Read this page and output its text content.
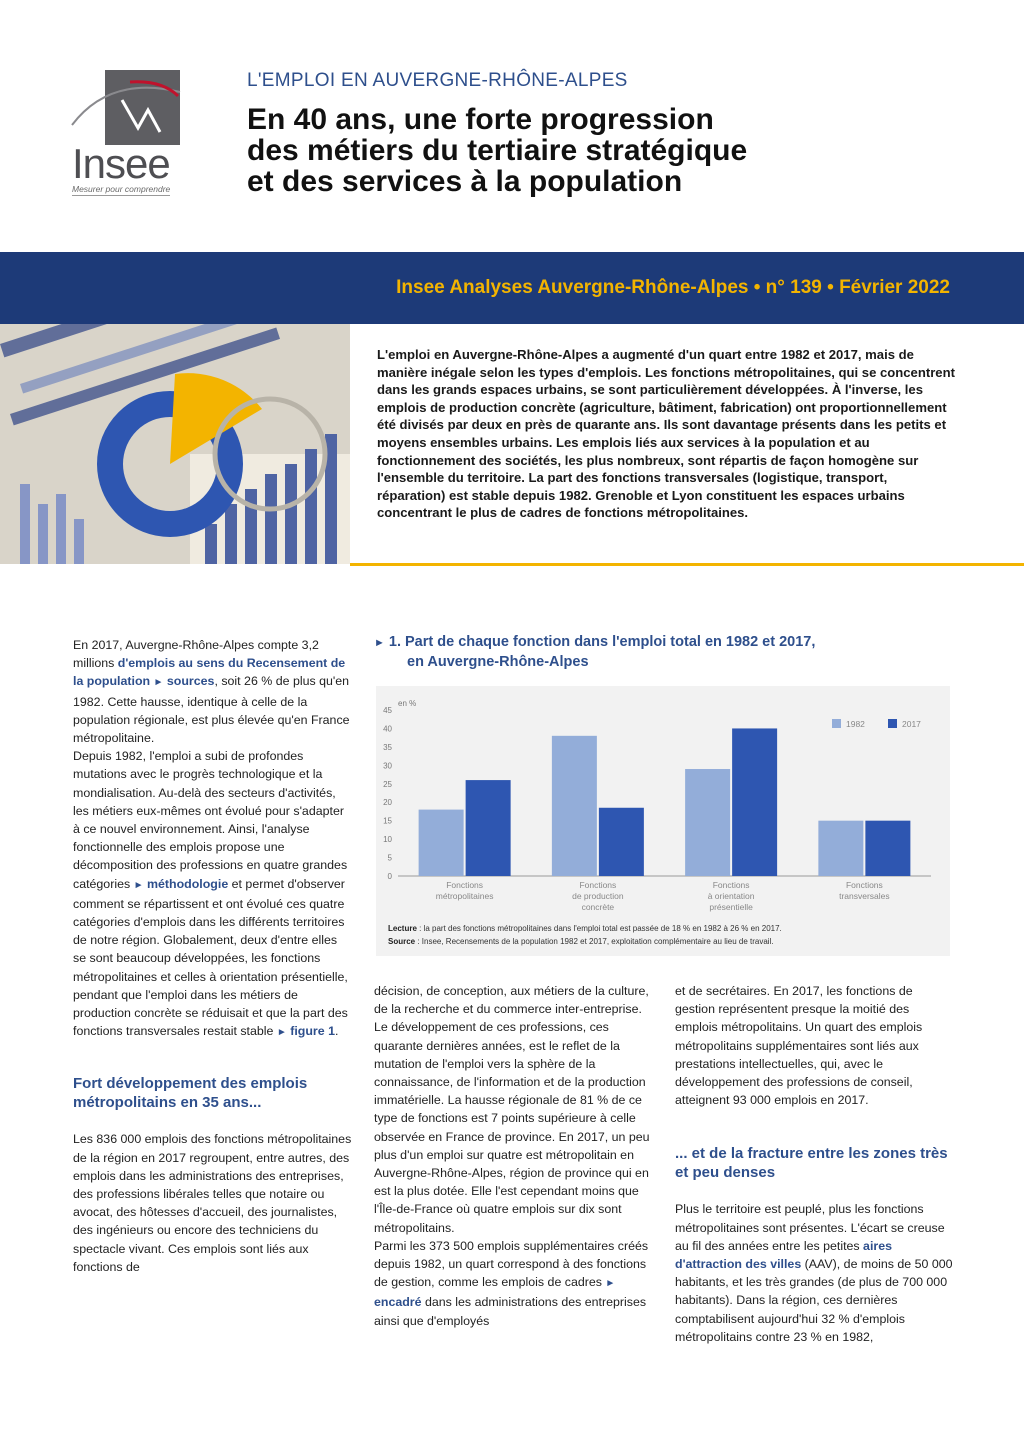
Insee
Mesurer pour comprendre
L'EMPLOI EN AUVERGNE-RHÔNE-ALPES
En 40 ans, une forte progression
des métiers du tertiaire stratégique
et des services à la population
Insee Analyses Auvergne-Rhône-Alpes • n° 139 • Février 2022
L'emploi en Auvergne-Rhône-Alpes a augmenté d'un quart entre 1982 et 2017, mais de manière inégale selon les types d'emplois. Les fonctions métropolitaines, qui se concentrent dans les grands espaces urbains, se sont particulièrement développées. À l'inverse, les emplois de production concrète (agriculture, bâtiment, fabrication) ont proportionnellement été divisés par deux en près de quarante ans. Ils sont davantage présents dans les petits et moyens ensembles urbains. Les emplois liés aux services à la population et au fonctionnement des sociétés, les plus nombreux, sont répartis de façon homogène sur l'ensemble du territoire. La part des fonctions transversales (logistique, transport, réparation) est stable depuis 1982. Grenoble et Lyon constituent les espaces urbains concentrant le plus de cadres de fonctions métropolitaines.

En 2017, Auvergne-Rhône-Alpes compte 3,2 millions d'emplois au sens du Recensement de la population ► sources, soit 26 % de plus qu'en 1982. Cette hausse, identique à celle de la population régionale, est plus élevée qu'en France métropolitaine.

Depuis 1982, l'emploi a subi de profondes mutations avec le progrès technologique et la mondialisation. Au-delà des secteurs d'activités, les métiers eux-mêmes ont évolué pour s'adapter à ce nouvel environnement. Ainsi, l'analyse fonctionnelle des emplois propose une décomposition des professions en quatre grandes catégories ► méthodologie et permet d'observer comment se répartissent et ont évolué ces quatre catégories d'emplois dans les différents territoires de notre région. Globalement, deux d'entre elles se sont beaucoup développées, les fonctions métropolitaines et celles à orientation présentielle, pendant que l'emploi dans les métiers de production concrète se réduisait et que la part des fonctions transversales restait stable ► figure 1.

Fort développement des emplois métropolitains en 35 ans...

Les 836 000 emplois des fonctions métropolitaines de la région en 2017 regroupent, entre autres, des emplois dans les administrations des entreprises, des professions libérales telles que notaire ou avocat, des hôtesses d'accueil, des journalistes, des ingénieurs ou encore des techniciens du spectacle vivant. Ces emplois sont liés aux fonctions de

► 1. Part de chaque fonction dans l'emploi total en 1982 et 2017,
en Auvergne-Rhône-Alpes
en %
0
5
10
15
20
25
30
35
40
45
Fonctions
métropolitaines
Fonctions
de production
concrète
Fonctions
à orientation
présentielle
Fonctions
transversales
1982	2017
Lecture : la part des fonctions métropolitaines dans l'emploi total est passée de 18 % en 1982 à 26 % en 2017.
Source : Insee, Recensements de la population 1982 et 2017, exploitation complémentaire au lieu de travail.

décision, de conception, aux métiers de la culture, de la recherche et du commerce inter-entreprise. Le développement de ces professions, ces quarante dernières années, est le reflet de la mutation de l'emploi vers la sphère de la connaissance, de l'information et de la production immatérielle. La hausse régionale de 81 % de ce type de fonctions est 7 points supérieure à celle observée en France de province. En 2017, un peu plus d'un emploi sur quatre est métropolitain en Auvergne-Rhône-Alpes, région de province qui en est la plus dotée. Elle l'est cependant moins que l'Île-de-France où quatre emplois sur dix sont métropolitains.

Parmi les 373 500 emplois supplémentaires créés depuis 1982, un quart correspond à des fonctions de gestion, comme les emplois de cadres ► encadré dans les administrations des entreprises ainsi que d'employés

et de secrétaires. En 2017, les fonctions de gestion représentent presque la moitié des emplois métropolitains. Un quart des emplois métropolitains supplémentaires sont liés aux prestations intellectuelles, qui, avec le développement des professions de conseil, atteignent 93 000 emplois en 2017.

... et de la fracture entre les zones très et peu denses

Plus le territoire est peuplé, plus les fonctions métropolitaines sont présentes. L'écart se creuse au fil des années entre les petites aires d'attraction des villes (AAV), de moins de 50 000 habitants, et les très grandes (de plus de 700 000 habitants). Dans la région, ces dernières comptabilisent aujourd'hui 32 % d'emplois métropolitains contre 23 % en 1982,
